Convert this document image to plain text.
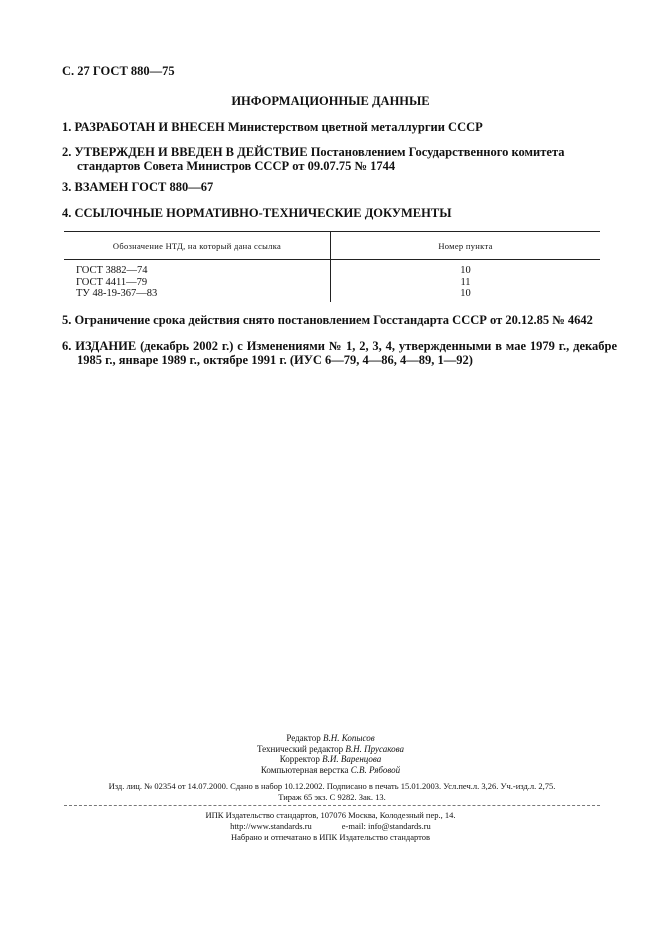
С. 27 ГОСТ 880—75
ИНФОРМАЦИОННЫЕ ДАННЫЕ
1. РАЗРАБОТАН И ВНЕСЕН Министерством цветной металлургии СССР
2. УТВЕРЖДЕН И ВВЕДЕН В ДЕЙСТВИЕ Постановлением Государственного комитета стандартов Совета Министров СССР от 09.07.75 № 1744
3. ВЗАМЕН ГОСТ 880—67
4. ССЫЛОЧНЫЕ НОРМАТИВНО-ТЕХНИЧЕСКИЕ ДОКУМЕНТЫ
Обозначение НТД, на который дана ссылка	Номер пункта
ГОСТ 3882—74	10
ГОСТ 4411—79	11
ТУ 48-19-367—83	10
5. Ограничение срока действия снято постановлением Госстандарта СССР от 20.12.85 № 4642
6. ИЗДАНИЕ (декабрь 2002 г.) с Изменениями № 1, 2, 3, 4, утвержденными в мае 1979 г., декабре 1985 г., январе 1989 г., октябре 1991 г. (ИУС 6—79, 4—86, 4—89, 1—92)
Редактор В.Н. Копысов
Технический редактор В.Н. Прусакова
Корректор В.И. Варенцова
Компьютерная верстка С.В. Рябовой
Изд. лиц. № 02354 от 14.07.2000. Сдано в набор 10.12.2002. Подписано в печать 15.01.2003. Усл.печ.л. 3,26. Уч.-изд.л. 2,75.
Тираж 65 экз. С 9282. Зак. 13.
ИПК Издательство стандартов, 107076 Москва, Колодезный пер., 14.
http://www.standards.ru	e-mail: info@standards.ru
Набрано и отпечатано в ИПК Издательство стандартов
